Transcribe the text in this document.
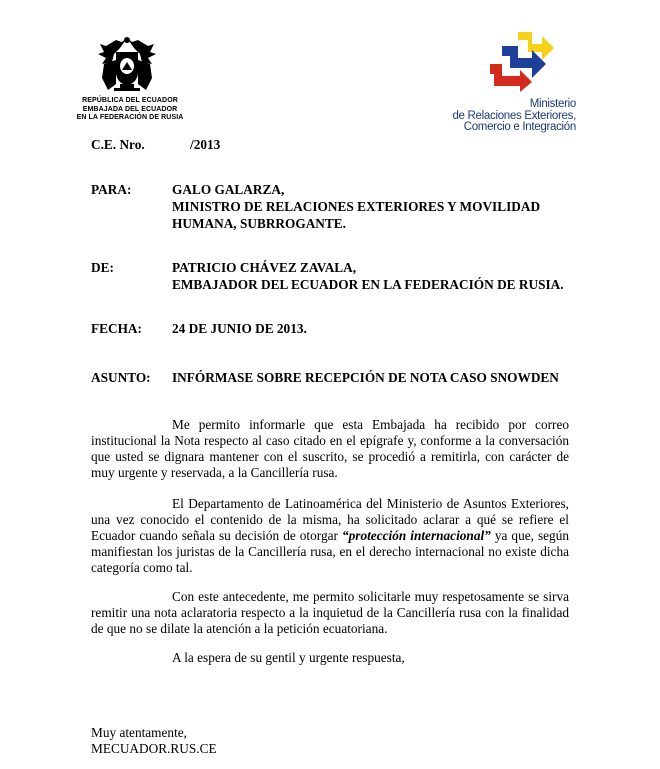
REPÚBLICA DEL ECUADOR
EMBAJADA DEL ECUADOR
EN LA FEDERACIÓN DE RUSIA
Ministerio
de Relaciones Exteriores,
Comercio e Integración
C.E. Nro.	/2013
PARA:	GALO GALARZA,
MINISTRO DE RELACIONES EXTERIORES Y MOVILIDAD
HUMANA, SUBRROGANTE.
DE:	PATRICIO CHÁVEZ ZAVALA,
EMBAJADOR DEL ECUADOR EN LA FEDERACIÓN DE RUSIA.
FECHA: 24 DE JUNIO DE 2013.
ASUNTO: INFÓRMASE SOBRE RECEPCIÓN DE NOTA CASO SNOWDEN

Me permito informarle que esta Embajada ha recibido por correo institucional la Nota respecto al caso citado en el epígrafe y, conforme a la conversación que usted se dignara mantener con el suscrito, se procedió a remitirla, con carácter de muy urgente y reservada, a la Cancillería rusa.

El Departamento de Latinoamérica del Ministerio de Asuntos Exteriores, una vez conocido el contenido de la misma, ha solicitado aclarar a qué se refiere el Ecuador cuando señala su decisión de otorgar “protección internacional” ya que, según manifiestan los juristas de la Cancillería rusa, en el derecho internacional no existe dicha categoría como tal.

Con este antecedente, me permito solicitarle muy respetosamente se sirva remitir una nota aclaratoria respecto a la inquietud de la Cancillería rusa con la finalidad de que no se dilate la atención a la petición ecuatoriana.

A la espera de su gentil y urgente respuesta,
Muy atentamente,
MECUADOR.RUS.CE
